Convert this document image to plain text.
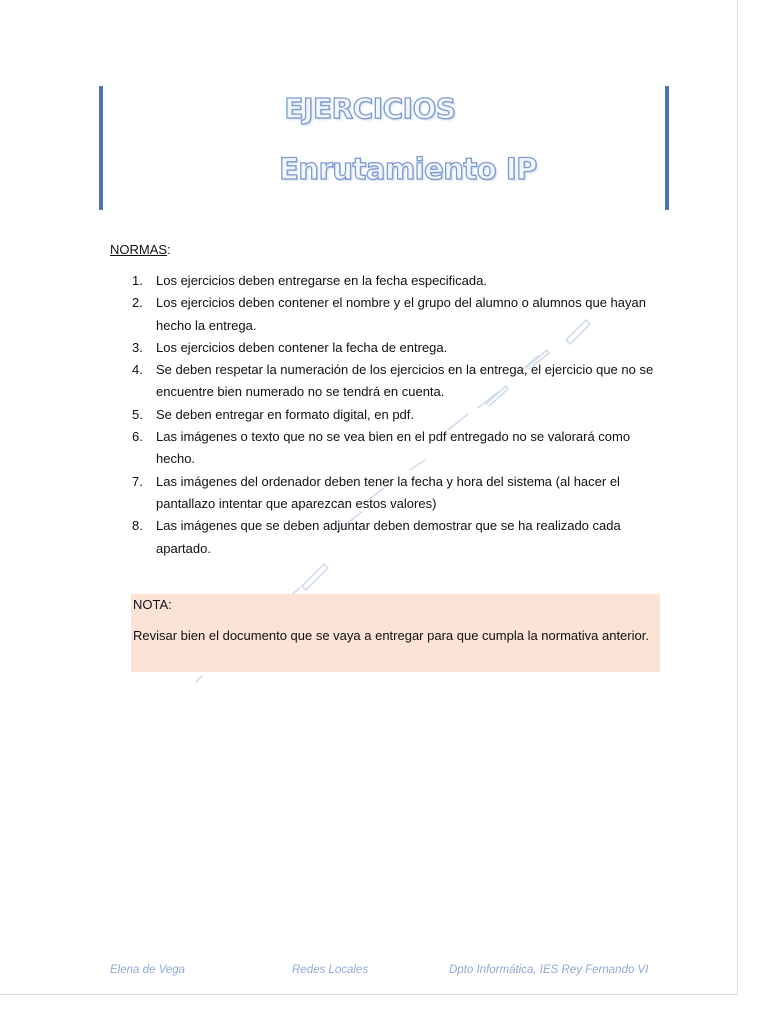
EJERCICIOS
Enrutamiento IP
NORMAS:
1. Los ejercicios deben entregarse en la fecha especificada.
2. Los ejercicios deben contener el nombre y el grupo del alumno o alumnos que hayan hecho la entrega.
3. Los ejercicios deben contener la fecha de entrega.
4. Se deben respetar la numeración de los ejercicios en la entrega, el ejercicio que no se encuentre bien numerado no se tendrá en cuenta.
5. Se deben entregar en formato digital, en pdf.
6. Las imágenes o texto que no se vea bien en el pdf entregado no se valorará como hecho.
7. Las imágenes del ordenador deben tener la fecha y hora del sistema (al hacer el pantallazo intentar que aparezcan estos valores)
8. Las imágenes que se deben adjuntar deben demostrar que se ha realizado cada apartado.
NOTA:
Revisar bien el documento que se vaya a entregar para que cumpla la normativa anterior.
Elena de Vega	Redes Locales	Dpto Informática, IES Rey Fernando VI
